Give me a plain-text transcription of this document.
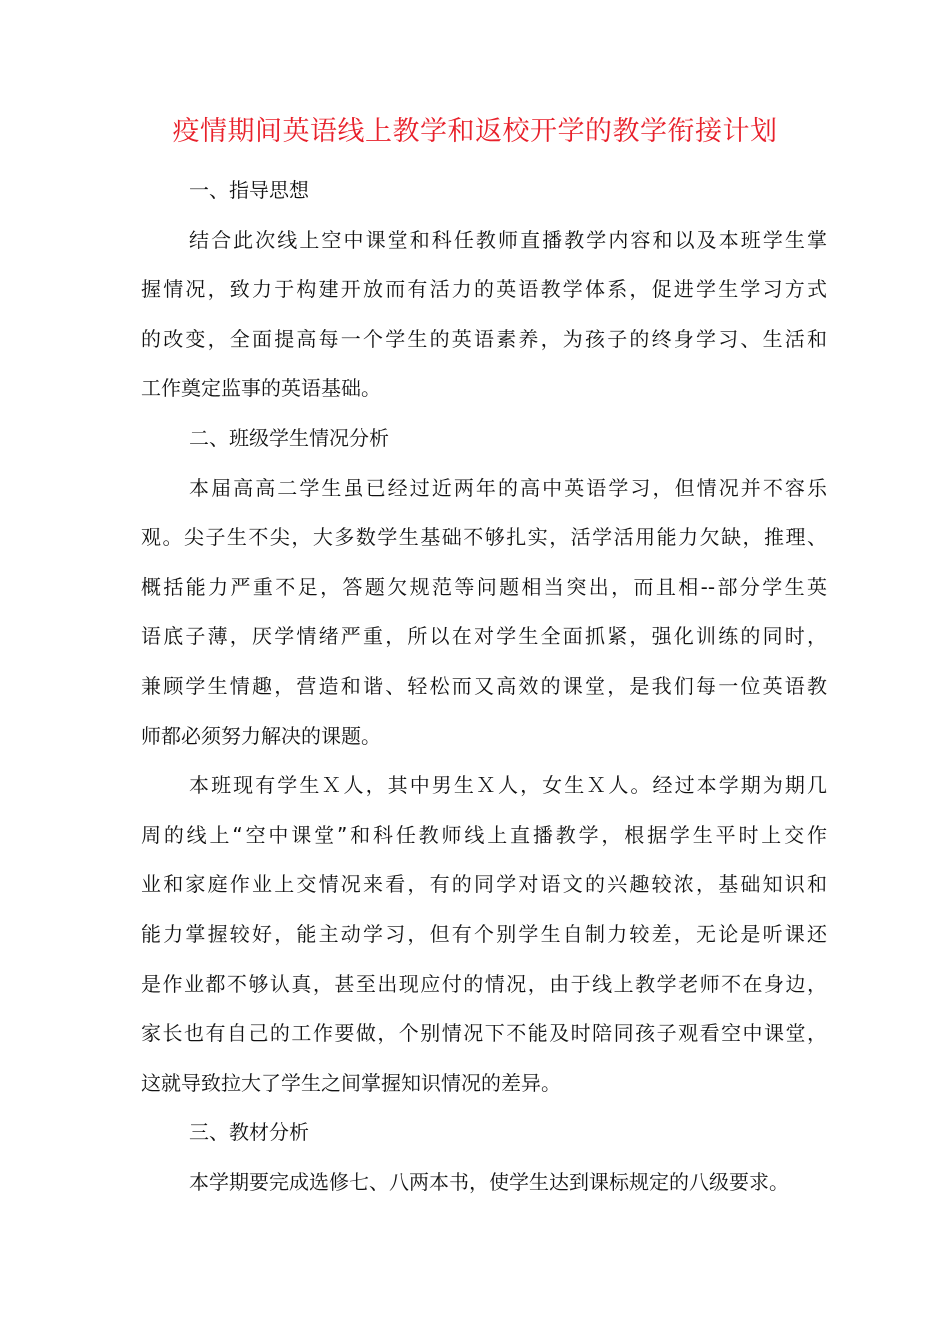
疫情期间英语线上教学和返校开学的教学衔接计划
一、指导思想
结合此次线上空中课堂和科任教师直播教学内容和以及本班学生掌
握情况，致力于构建开放而有活力的英语教学体系，促进学生学习方式
的改变，全面提高每一个学生的英语素养，为孩子的终身学习、生活和
工作奠定监事的英语基础。
二、班级学生情况分析
本届高高二学生虽已经过近两年的高中英语学习，但情况并不容乐
观。尖子生不尖，大多数学生基础不够扎实，活学活用能力欠缺，推理、
概括能力严重不足，答题欠规范等问题相当突出，而且相--部分学生英
语底子薄，厌学情绪严重，所以在对学生全面抓紧，强化训练的同时，
兼顾学生情趣，营造和谐、轻松而又高效的课堂，是我们每一位英语教
师都必须努力解决的课题。
本班现有学生Ｘ人，其中男生Ｘ人，女生Ｘ人。经过本学期为期几
周的线上“空中课堂”和科任教师线上直播教学，根据学生平时上交作
业和家庭作业上交情况来看，有的同学对语文的兴趣较浓，基础知识和
能力掌握较好，能主动学习，但有个别学生自制力较差，无论是听课还
是作业都不够认真，甚至出现应付的情况，由于线上教学老师不在身边，
家长也有自己的工作要做，个别情况下不能及时陪同孩子观看空中课堂，
这就导致拉大了学生之间掌握知识情况的差异。
三、教材分析
本学期要完成选修七、八两本书，使学生达到课标规定的八级要求。
